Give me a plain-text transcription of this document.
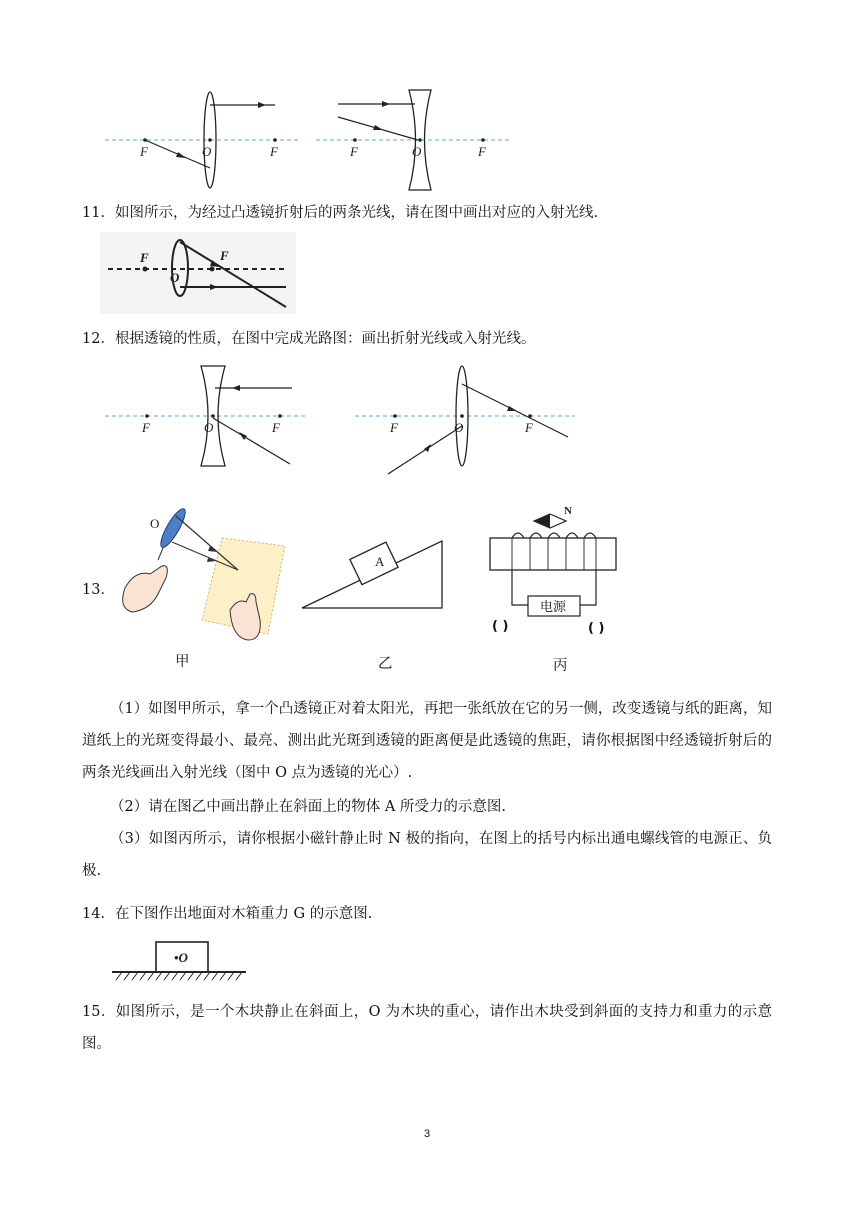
F	O	F	F	O	F
11．如图所示，为经过凸透镜折射后的两条光线，请在图中画出对应的入射光线.
F	F
O
12．根据透镜的性质，在图中完成光路图：画出折射光线或入射光线。
F	O	F	F	O	F
13．
O
A
N
电源
( )	( )
甲	乙	丙
（1）如图甲所示，拿一个凸透镜正对着太阳光，再把一张纸放在它的另一侧，改变透镜与纸的距离，知道纸上的光斑变得最小、最亮、测出此光斑到透镜的距离便是此透镜的焦距，请你根据图中经透镜折射后的两条光线画出入射光线（图中 O 点为透镜的光心）.
（2）请在图乙中画出静止在斜面上的物体 A 所受力的示意图.
（3）如图丙所示，请你根据小磁针静止时 N 极的指向，在图上的括号内标出通电螺线管的电源正、负极.
14．在下图作出地面对木箱重力 G 的示意图.
•O
15．如图所示，是一个木块静止在斜面上，O 为木块的重心，请作出木块受到斜面的支持力和重力的示意图。
3
